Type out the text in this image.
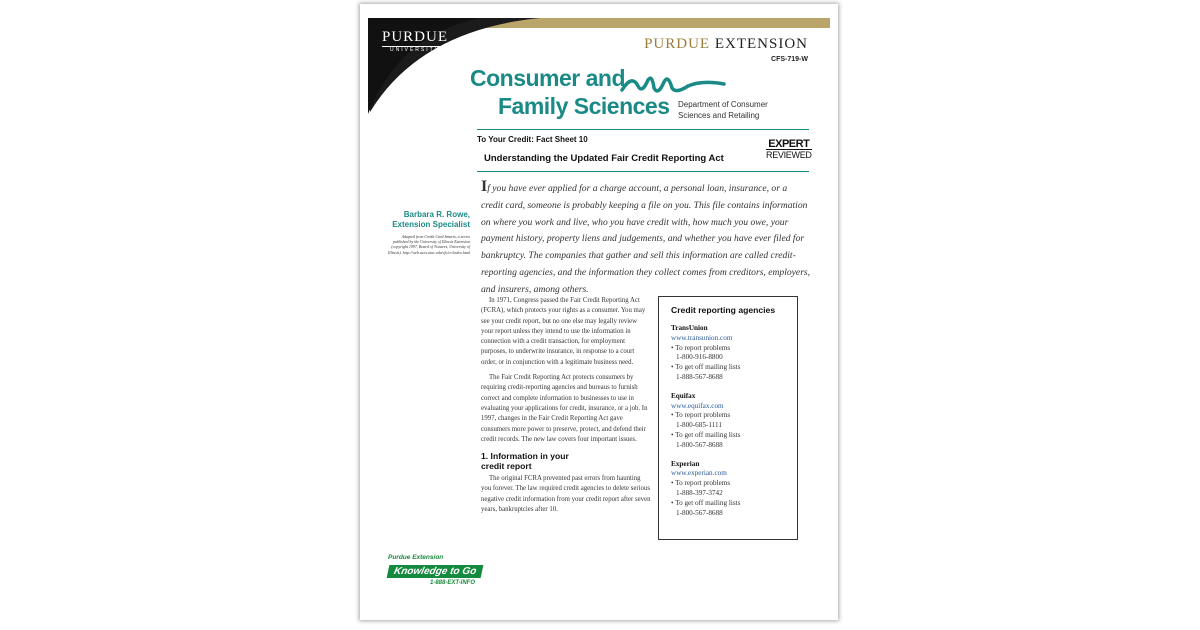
PURDUE
UNIVERSITY	PURDUE EXTENSION
CFS-719-W
Consumer and
Family Sciences Department of Consumer
Sciences and Retailing
To Your Credit: Fact Sheet 10
Understanding the Updated Fair Credit Reporting Act
EXPERT
REVIEWED
If you have ever applied for a charge account, a personal loan, insurance, or a credit card, someone is probably keeping a file on you. This file contains information on where you work and live, who you have credit with, how much you owe, your payment history, property liens and judgements, and whether you have ever filed for bankruptcy. The companies that gather and sell this information are called credit-reporting agencies, and the information they collect comes from creditors, employers, and insurers, among others.
Barbara R. Rowe,
Extension Specialist
Adapted from Credit Card Smarts, a series published by the University of Illinois Extension (copyright 1997, Board of Trustees, University of Illinois). http://web.aces.uiuc.edu/cfc/cc/index.html

In 1971, Congress passed the Fair Credit Reporting Act (FCRA), which protects your rights as a consumer. You may see your credit report, but no one else may legally review your report unless they intend to use the information in connection with a credit transaction, for employment purposes, to underwrite insurance, in response to a court order, or in conjunction with a legitimate business need.

The Fair Credit Reporting Act protects consumers by requiring credit-reporting agencies and bureaus to furnish correct and complete information to businesses to use in evaluating your applications for credit, insurance, or a job. In 1997, changes in the Fair Credit Reporting Act gave consumers more power to preserve, protect, and defend their credit records. The new law covers four important issues.

1. Information in your
credit report

The original FCRA prevented past errors from haunting you forever. The law required credit agencies to delete serious negative credit information from your credit report after seven years, bankruptcies after 10.

Credit reporting agencies
TransUnion
www.transunion.com
• To report problems
1-800-916-8800
• To get off mailing lists
1-888-567-8688
Equifax
www.equifax.com
• To report problems
1-800-685-1111
• To get off mailing lists
1-800-567-8688
Experian
www.experian.com
• To report problems
1-888-397-3742
• To get off mailing lists
1-800-567-8688
Purdue Extension
Knowledge to Go
1-888-EXT-INFO
